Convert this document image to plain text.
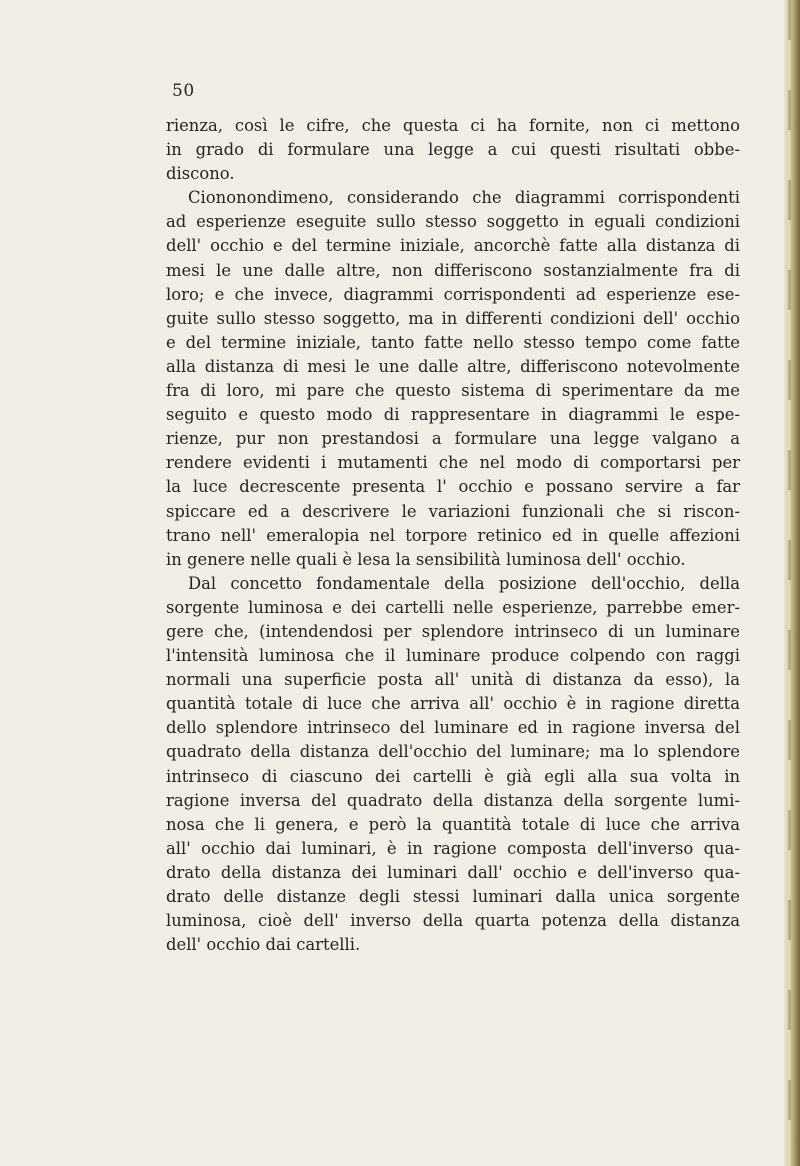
50
rienza, così le cifre, che questa ci ha fornite, non ci mettono
in grado di formulare una legge a cui questi risultati obbe-
discono.
Ciononondimeno, considerando che diagrammi corrispondenti
ad esperienze eseguite sullo stesso soggetto in eguali condizioni
dell' occhio e del termine iniziale, ancorchè fatte alla distanza di
mesi le une dalle altre, non differiscono sostanzialmente fra di
loro; e che invece, diagrammi corrispondenti ad esperienze ese-
guite sullo stesso soggetto, ma in differenti condizioni dell' occhio
e del termine iniziale, tanto fatte nello stesso tempo come fatte
alla distanza di mesi le une dalle altre, differiscono notevolmente
fra di loro, mi pare che questo sistema di sperimentare da me
seguito e questo modo di rappresentare in diagrammi le espe-
rienze, pur non prestandosi a formulare una legge valgano a
rendere evidenti i mutamenti che nel modo di comportarsi per
la luce decrescente presenta l' occhio e possano servire a far
spiccare ed a descrivere le variazioni funzionali che si riscon-
trano nell' emeralopia nel torpore retinico ed in quelle affezioni
in genere nelle quali è lesa la sensibilità luminosa dell' occhio.
Dal concetto fondamentale della posizione dell'occhio, della
sorgente luminosa e dei cartelli nelle esperienze, parrebbe emer-
gere che, (intendendosi per splendore intrinseco di un luminare
l'intensità luminosa che il luminare produce colpendo con raggi
normali una superficie posta all' unità di distanza da esso), la
quantità totale di luce che arriva all' occhio è in ragione diretta
dello splendore intrinseco del luminare ed in ragione inversa del
quadrato della distanza dell'occhio del luminare; ma lo splendore
intrinseco di ciascuno dei cartelli è già egli alla sua volta in
ragione inversa del quadrato della distanza della sorgente lumi-
nosa che li genera, e però la quantità totale di luce che arriva
all' occhio dai luminari, è in ragione composta dell'inverso qua-
drato della distanza dei luminari dall' occhio e dell'inverso qua-
drato delle distanze degli stessi luminari dalla unica sorgente
luminosa, cioè dell' inverso della quarta potenza della distanza
dell' occhio dai cartelli.
